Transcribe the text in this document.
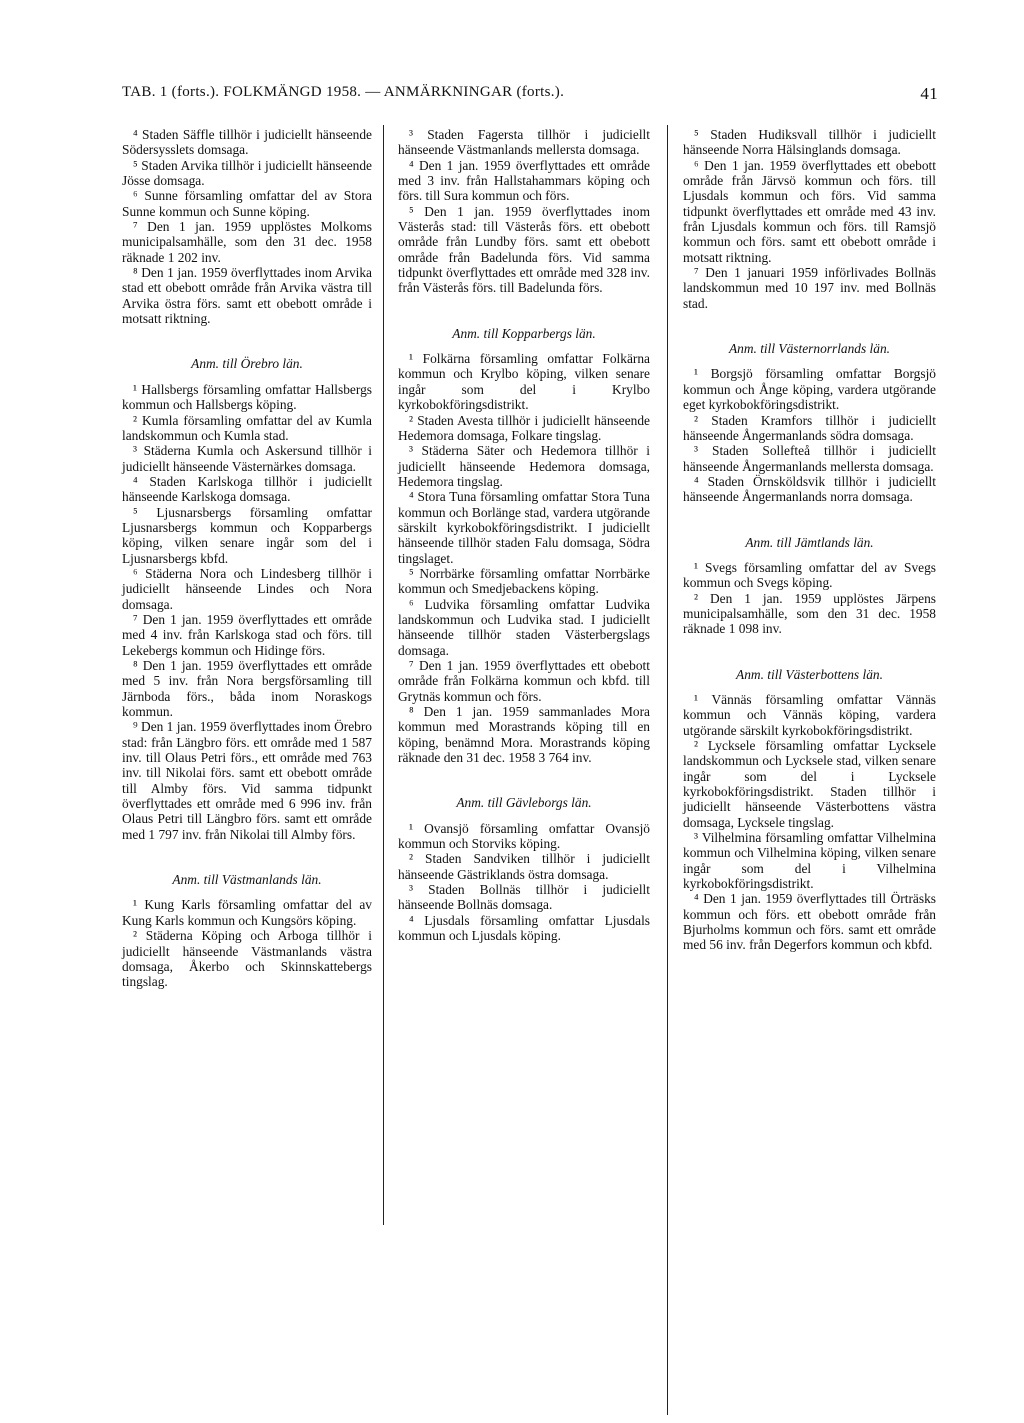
TAB. 1 (forts.). FOLKMÄNGD 1958. — ANMÄRKNINGAR (forts.).	41

⁴ Staden Säffle tillhör i judiciellt hänseende Södersysslets domsaga.

⁵ Staden Arvika tillhör i judiciellt hänseende Jösse domsaga.

⁶ Sunne församling omfattar del av Stora Sunne kommun och Sunne köping.

⁷ Den 1 jan. 1959 upplöstes Molkoms municipalsamhälle, som den 31 dec. 1958 räknade 1 202 inv.

⁸ Den 1 jan. 1959 överflyttades inom Arvika stad ett obebott område från Arvika västra till Arvika östra förs. samt ett obebott område i motsatt riktning.

Anm. till Örebro län.

¹ Hallsbergs församling omfattar Hallsbergs kommun och Hallsbergs köping.

² Kumla församling omfattar del av Kumla landskommun och Kumla stad.

³ Städerna Kumla och Askersund tillhör i judiciellt hänseende Västernärkes domsaga.

⁴ Staden Karlskoga tillhör i judiciellt hänseende Karlskoga domsaga.

⁵ Ljusnarsbergs församling omfattar Ljusnarsbergs kommun och Kopparbergs köping, vilken senare ingår som del i Ljusnarsbergs kbfd.

⁶ Städerna Nora och Lindesberg tillhör i judiciellt hänseende Lindes och Nora domsaga.

⁷ Den 1 jan. 1959 överflyttades ett område med 4 inv. från Karlskoga stad och förs. till Lekebergs kommun och Hidinge förs.

⁸ Den 1 jan. 1959 överflyttades ett område med 5 inv. från Nora bergsförsamling till Järnboda förs., båda inom Noraskogs kommun.

⁹ Den 1 jan. 1959 överflyttades inom Örebro stad: från Längbro förs. ett område med 1 587 inv. till Olaus Petri förs., ett område med 763 inv. till Nikolai förs. samt ett obebott område till Almby förs. Vid samma tidpunkt överflyttades ett område med 6 996 inv. från Olaus Petri till Längbro förs. samt ett område med 1 797 inv. från Nikolai till Almby förs.

Anm. till Västmanlands län.

¹ Kung Karls församling omfattar del av Kung Karls kommun och Kungsörs köping.

² Städerna Köping och Arboga tillhör i judiciellt hänseende Västmanlands västra domsaga, Åkerbo och Skinnskattebergs tingslag.

³ Staden Fagersta tillhör i judiciellt hänseende Västmanlands mellersta domsaga.

⁴ Den 1 jan. 1959 överflyttades ett område med 3 inv. från Hallstahammars köping och förs. till Sura kommun och förs.

⁵ Den 1 jan. 1959 överflyttades inom Västerås stad: till Västerås förs. ett obebott område från Lundby förs. samt ett obebott område från Badelunda förs. Vid samma tidpunkt överflyttades ett område med 328 inv. från Västerås förs. till Badelunda förs.

Anm. till Kopparbergs län.

¹ Folkärna församling omfattar Folkärna kommun och Krylbo köping, vilken senare ingår som del i Krylbo kyrkobokföringsdistrikt.

² Staden Avesta tillhör i judiciellt hänseende Hedemora domsaga, Folkare tingslag.

³ Städerna Säter och Hedemora tillhör i judiciellt hänseende Hedemora domsaga, Hedemora tingslag.

⁴ Stora Tuna församling omfattar Stora Tuna kommun och Borlänge stad, vardera utgörande särskilt kyrkobokföringsdistrikt. I judiciellt hänseende tillhör staden Falu domsaga, Södra tingslaget.

⁵ Norrbärke församling omfattar Norrbärke kommun och Smedjebackens köping.

⁶ Ludvika församling omfattar Ludvika landskommun och Ludvika stad. I judiciellt hänseende tillhör staden Västerbergslags domsaga.

⁷ Den 1 jan. 1959 överflyttades ett obebott område från Folkärna kommun och kbfd. till Grytnäs kommun och förs.

⁸ Den 1 jan. 1959 sammanlades Mora kommun med Morastrands köping till en köping, benämnd Mora. Morastrands köping räknade den 31 dec. 1958 3 764 inv.

Anm. till Gävleborgs län.

¹ Ovansjö församling omfattar Ovansjö kommun och Storviks köping.

² Staden Sandviken tillhör i judiciellt hänseende Gästriklands östra domsaga.

³ Staden Bollnäs tillhör i judiciellt hänseende Bollnäs domsaga.

⁴ Ljusdals församling omfattar Ljusdals kommun och Ljusdals köping.

⁵ Staden Hudiksvall tillhör i judiciellt hänseende Norra Hälsinglands domsaga.

⁶ Den 1 jan. 1959 överflyttades ett obebott område från Järvsö kommun och förs. till Ljusdals kommun och förs. Vid samma tidpunkt överflyttades ett område med 43 inv. från Ljusdals kommun och förs. till Ramsjö kommun och förs. samt ett obebott område i motsatt riktning.

⁷ Den 1 januari 1959 införlivades Bollnäs landskommun med 10 197 inv. med Bollnäs stad.

Anm. till Västernorrlands län.

¹ Borgsjö församling omfattar Borgsjö kommun och Ånge köping, vardera utgörande eget kyrkobokföringsdistrikt.

² Staden Kramfors tillhör i judiciellt hänseende Ångermanlands södra domsaga.

³ Staden Sollefteå tillhör i judiciellt hänseende Ångermanlands mellersta domsaga.

⁴ Staden Örnsköldsvik tillhör i judiciellt hänseende Ångermanlands norra domsaga.

Anm. till Jämtlands län.

¹ Svegs församling omfattar del av Svegs kommun och Svegs köping.

² Den 1 jan. 1959 upplöstes Järpens municipalsamhälle, som den 31 dec. 1958 räknade 1 098 inv.

Anm. till Västerbottens län.

¹ Vännäs församling omfattar Vännäs kommun och Vännäs köping, vardera utgörande särskilt kyrkobokföringsdistrikt.

² Lycksele församling omfattar Lycksele landskommun och Lycksele stad, vilken senare ingår som del i Lycksele kyrkobokföringsdistrikt. Staden tillhör i judiciellt hänseende Västerbottens västra domsaga, Lycksele tingslag.

³ Vilhelmina församling omfattar Vilhelmina kommun och Vilhelmina köping, vilken senare ingår som del i Vilhelmina kyrkobokföringsdistrikt.

⁴ Den 1 jan. 1959 överflyttades till Örträsks kommun och förs. ett obebott område från Bjurholms kommun och förs. samt ett område med 56 inv. från Degerfors kommun och kbfd.
